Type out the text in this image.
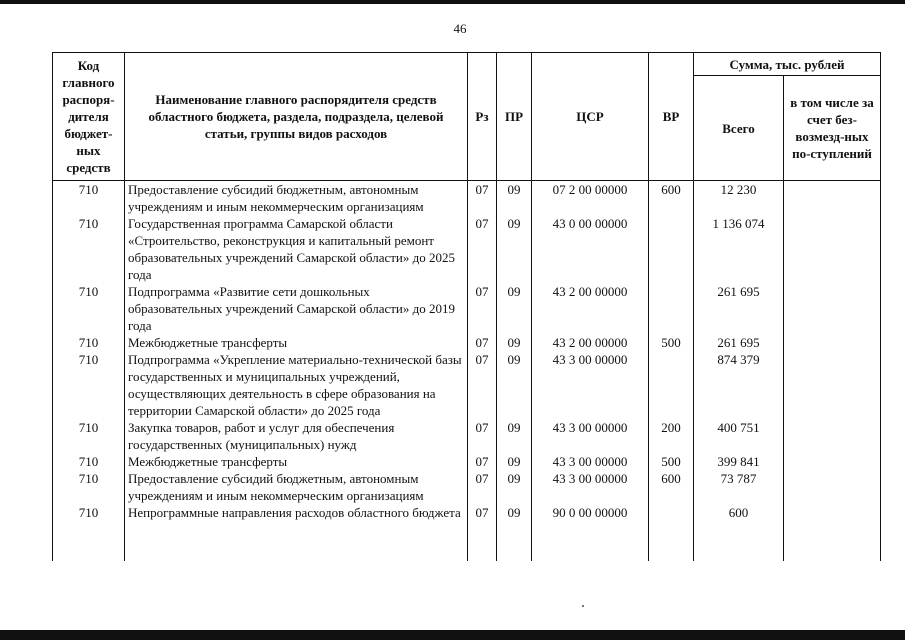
46
Код главного распоря-дителя бюджет-ных средств	Наименование главного распорядителя средств областного бюджета, раздела, подраздела, целевой статьи, группы видов расходов	Рз	ПР	ЦСР	ВР	Сумма, тыс. рублей	
						Всего	в том числе за счет без-возмезд-ных по-ступлений
710	Предоставление субсидий бюджетным, автономным учреждениям и иным некоммерческим организациям	07	09	07 2 00 00000	600	12 230	
710	Государственная программа Самарской области «Строительство, реконструкция и капитальный ремонт образовательных учреждений Самарской области» до 2025 года	07	09	43 0 00 00000		1 136 074	
710	Подпрограмма «Развитие сети дошкольных образовательных учреждений Самарской области» до 2019 года	07	09	43 2 00 00000		261 695	
710	Межбюджетные трансферты	07	09	43 2 00 00000	500	261 695	
710	Подпрограмма «Укрепление материально-технической базы государственных и муниципальных учреждений, осуществляющих деятельность в сфере образования на территории Самарской области» до 2025 года	07	09	43 3 00 00000		874 379	
710	Закупка товаров, работ и услуг для обеспечения государственных (муниципальных) нужд	07	09	43 3 00 00000	200	400 751	
710	Межбюджетные трансферты	07	09	43 3 00 00000	500	399 841	
710	Предоставление субсидий бюджетным, автономным учреждениям и иным некоммерческим организациям	07	09	43 3 00 00000	600	73 787	
710	Непрограммные направления расходов областного бюджета	07	09	90 0 00 00000		600	
